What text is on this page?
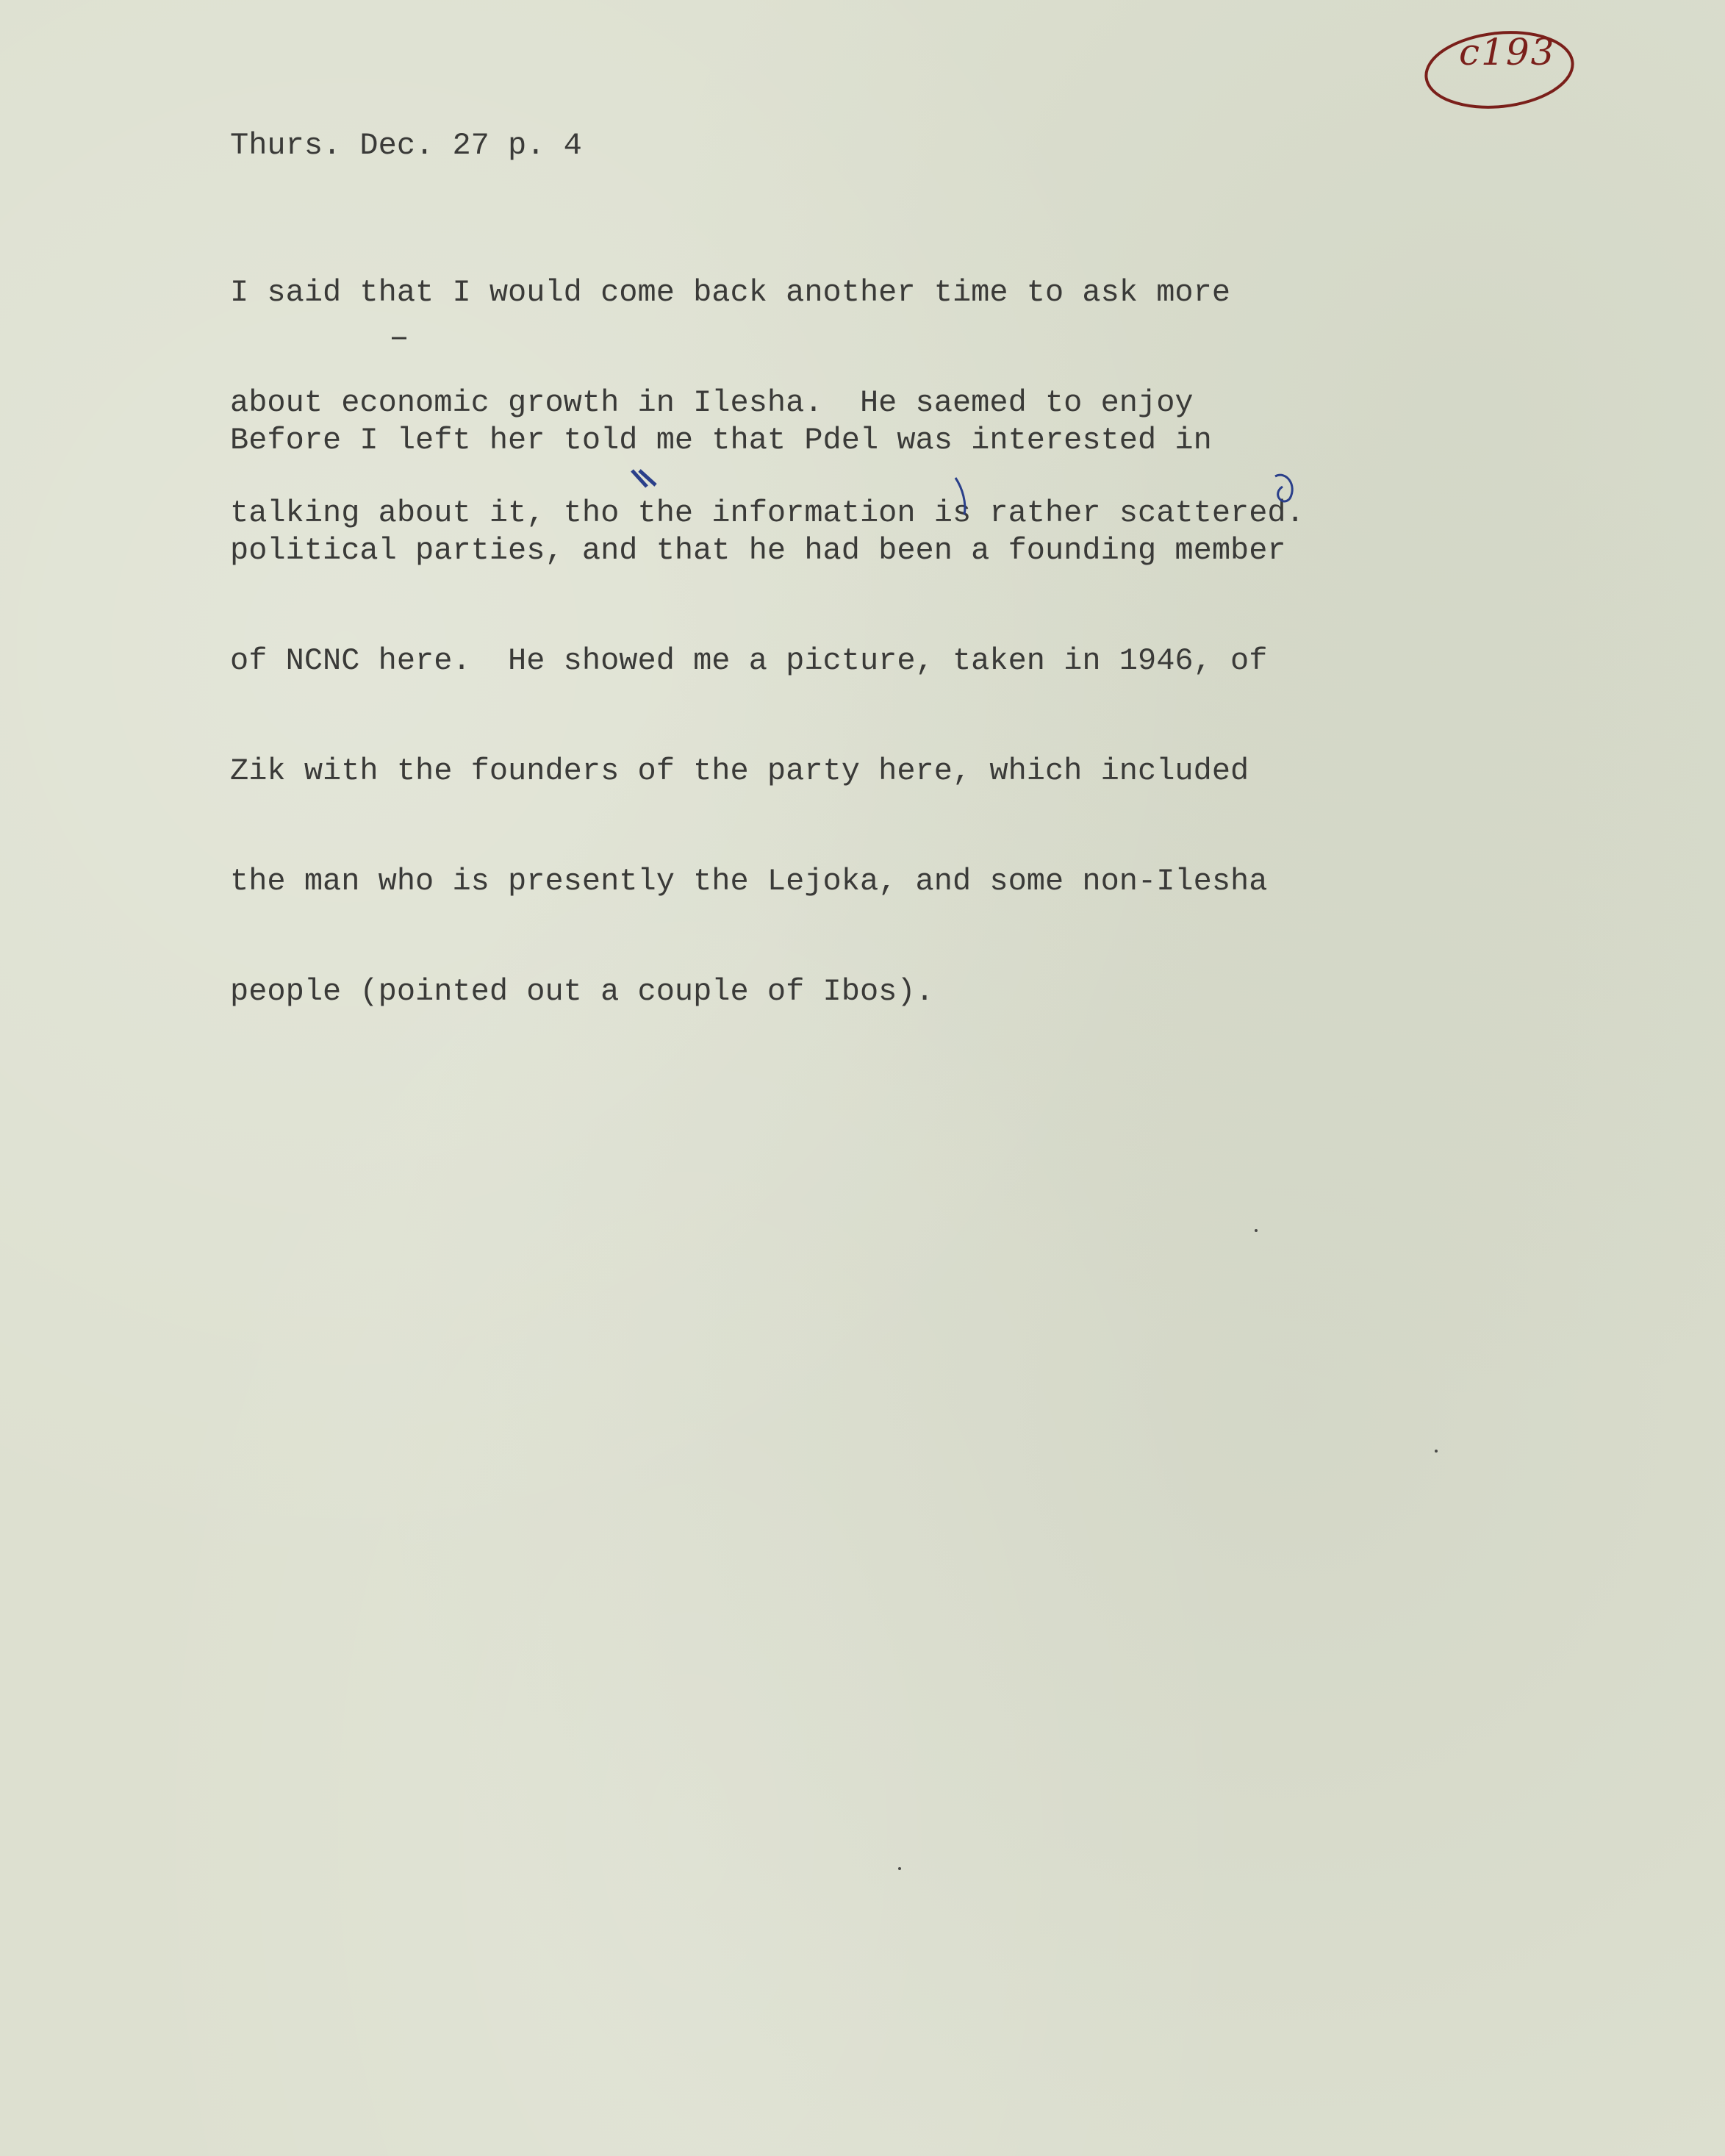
c193

Thurs. Dec. 27 p. 4

I said that I would come back another time to ask more

about economic growth in Ilesha.  He saemed to enjoy

talking about it, tho the information is rather scattered.

Before I left her told me that Pdel was interested in

political parties, and that he had been a founding member

of NCNC here.  He showed me a picture, taken in 1946, of

Zik with the founders of the party here, which included

the man who is presently the Lejoka, and some non-Ilesha

people (pointed out a couple of Ibos).
